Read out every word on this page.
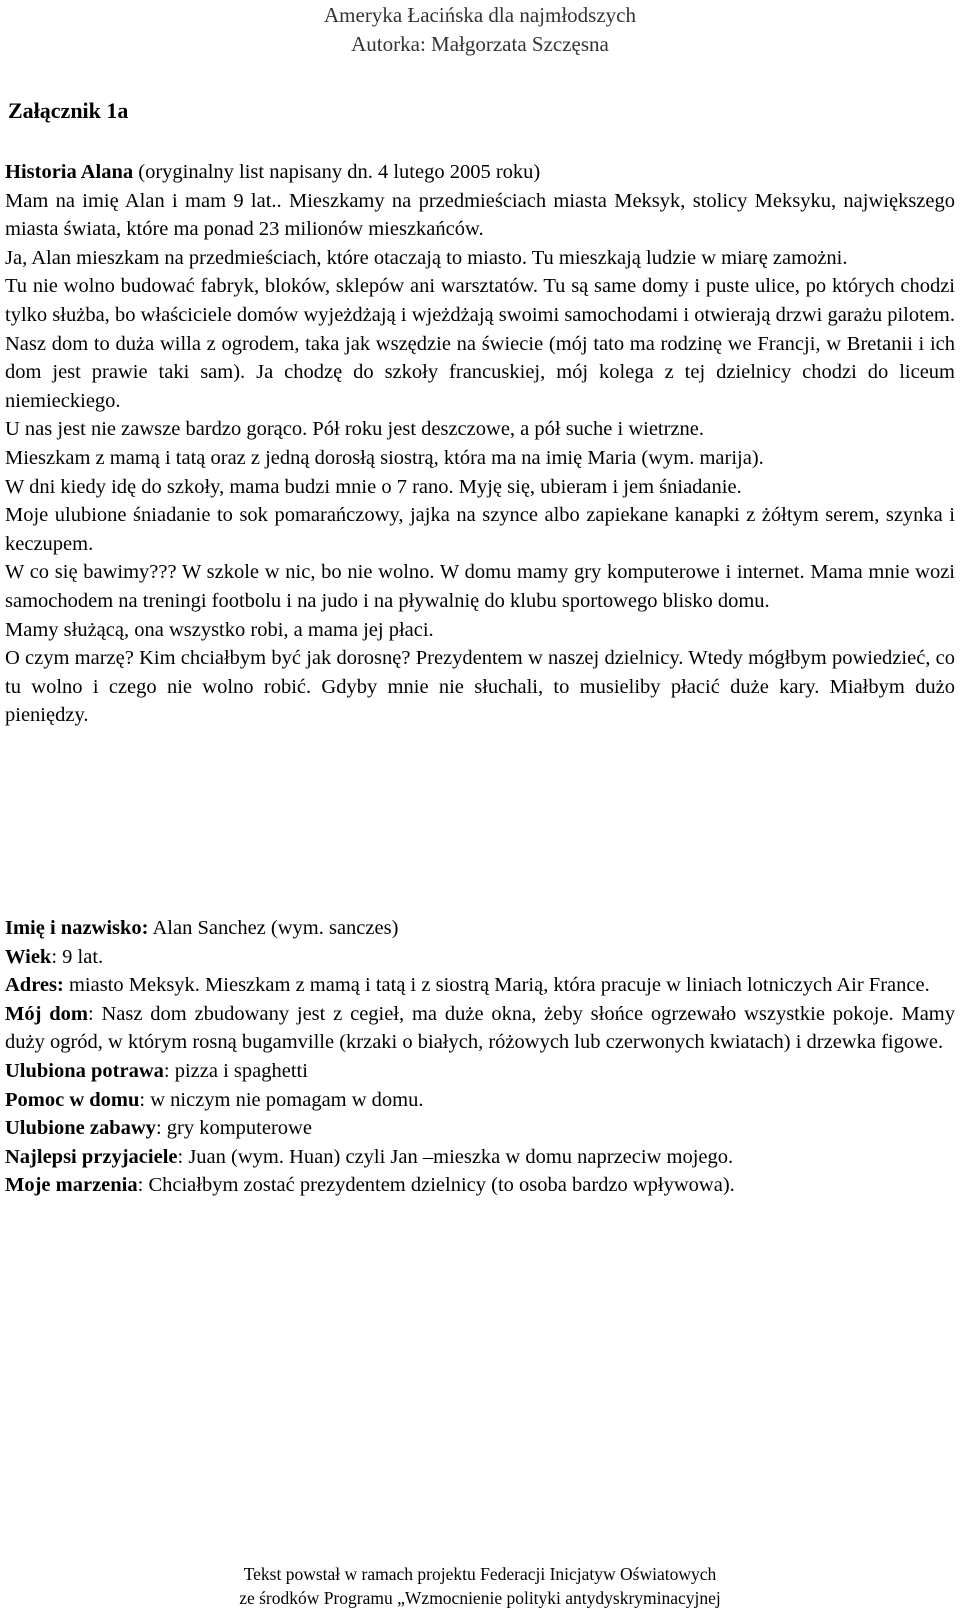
Ameryka Łacińska dla najmłodszych
Autorka: Małgorzata Szczęsna
Załącznik 1a

Historia Alana (oryginalny list napisany dn. 4 lutego 2005 roku)

Mam na imię Alan i mam 9 lat.. Mieszkamy na przedmieściach miasta Meksyk, stolicy Meksyku, największego miasta świata, które ma ponad 23 milionów mieszkańców.

Ja, Alan mieszkam na przedmieściach, które otaczają to miasto. Tu mieszkają ludzie w miarę zamożni.

Tu nie wolno budować fabryk, bloków, sklepów ani warsztatów. Tu są same domy i puste ulice, po których chodzi tylko służba, bo właściciele domów wyjeżdżają i wjeżdżają swoimi samochodami i otwierają drzwi garażu pilotem. Nasz dom to duża willa z ogrodem, taka jak wszędzie na świecie (mój tato ma rodzinę we Francji, w Bretanii i ich dom jest prawie taki sam). Ja chodzę do szkoły francuskiej, mój kolega z tej dzielnicy chodzi do liceum niemieckiego.

U nas jest nie zawsze bardzo gorąco. Pół roku jest deszczowe, a pół suche i wietrzne.

Mieszkam z mamą i tatą oraz z jedną dorosłą siostrą, która ma na imię Maria (wym. marija).

W dni kiedy idę do szkoły, mama budzi mnie o 7 rano. Myję się, ubieram i jem śniadanie.

Moje ulubione śniadanie to sok pomarańczowy, jajka na szynce albo zapiekane kanapki z żółtym serem, szynka i keczupem.

W co się bawimy??? W szkole w nic, bo nie wolno. W domu mamy gry komputerowe i internet. Mama mnie wozi samochodem na treningi footbolu i na judo i na pływalnię do klubu sportowego blisko domu.

Mamy służącą, ona wszystko robi, a mama jej płaci.

O czym marzę? Kim chciałbym być jak dorosnę? Prezydentem w naszej dzielnicy. Wtedy mógłbym powiedzieć, co tu wolno i czego nie wolno robić. Gdyby mnie nie słuchali, to musieliby płacić duże kary. Miałbym dużo pieniędzy.

Imię i nazwisko: Alan Sanchez (wym. sanczes)

Wiek: 9 lat.

Adres: miasto Meksyk. Mieszkam z mamą i tatą i z siostrą Marią, która pracuje w liniach lotniczych Air France.

Mój dom: Nasz dom zbudowany jest z cegieł, ma duże okna, żeby słońce ogrzewało wszystkie pokoje. Mamy duży ogród, w którym rosną bugamville (krzaki o białych, różowych lub czerwonych kwiatach) i drzewka figowe.

Ulubiona potrawa: pizza i spaghetti

Pomoc w domu: w niczym nie pomagam w domu.

Ulubione zabawy: gry komputerowe

Najlepsi przyjaciele: Juan (wym. Huan) czyli Jan –mieszka w domu naprzeciw mojego.

Moje marzenia: Chciałbym zostać prezydentem dzielnicy (to osoba bardzo wpływowa).

Tekst powstał w ramach projektu Federacji Inicjatyw Oświatowych
ze środków Programu „Wzmocnienie polityki antydyskryminacyjnej
